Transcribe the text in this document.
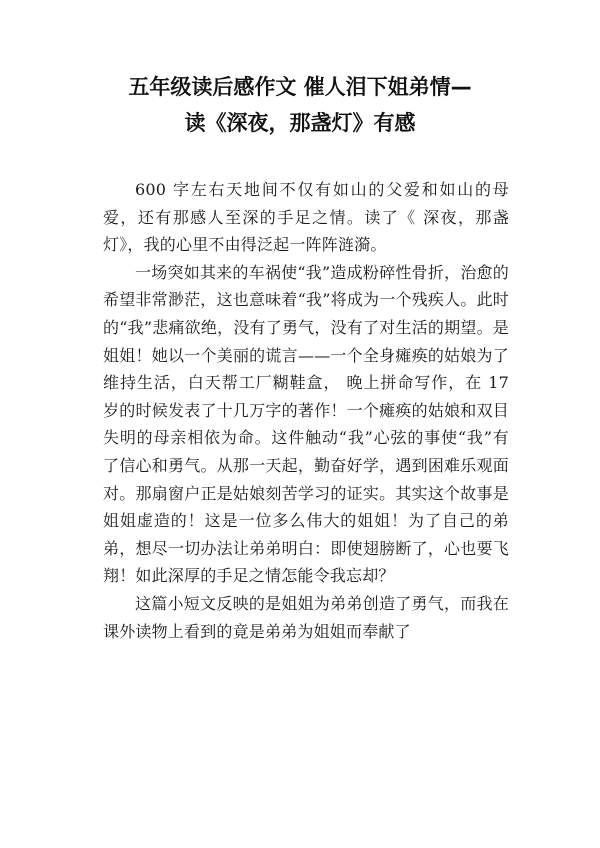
五年级读后感作文 催人泪下姐弟情—
读《深夜，那盏灯》有感

600 字左右天地间不仅有如山的父爱和如山的母爱，还有那感人至深的手足之情。读了《 深夜，那盏灯》，我的心里不由得泛起一阵阵涟漪。

一场突如其来的车祸使“我”造成粉碎性骨折，治愈的希望非常渺茫，这也意味着“我”将成为一个残疾人。此时的“我”悲痛欲绝，没有了勇气，没有了对生活的期望。是姐姐！她以一个美丽的谎言——一个全身瘫痪的姑娘为了维持生活，白天帮工厂糊鞋盒， 晚上拼命写作，在 17 岁的时候发表了十几万字的著作！一个瘫痪的姑娘和双目失明的母亲相依为命。这件触动“我”心弦的事使“我”有了信心和勇气。从那一天起，勤奋好学，遇到困难乐观面对。那扇窗户正是姑娘刻苦学习的证实。其实这个故事是姐姐虚造的！这是一位多么伟大的姐姐！为了自己的弟弟，想尽一切办法让弟弟明白：即使翅膀断了，心也要飞翔！如此深厚的手足之情怎能令我忘却？

这篇小短文反映的是姐姐为弟弟创造了勇气，而我在课外读物上看到的竟是弟弟为姐姐而奉献了
